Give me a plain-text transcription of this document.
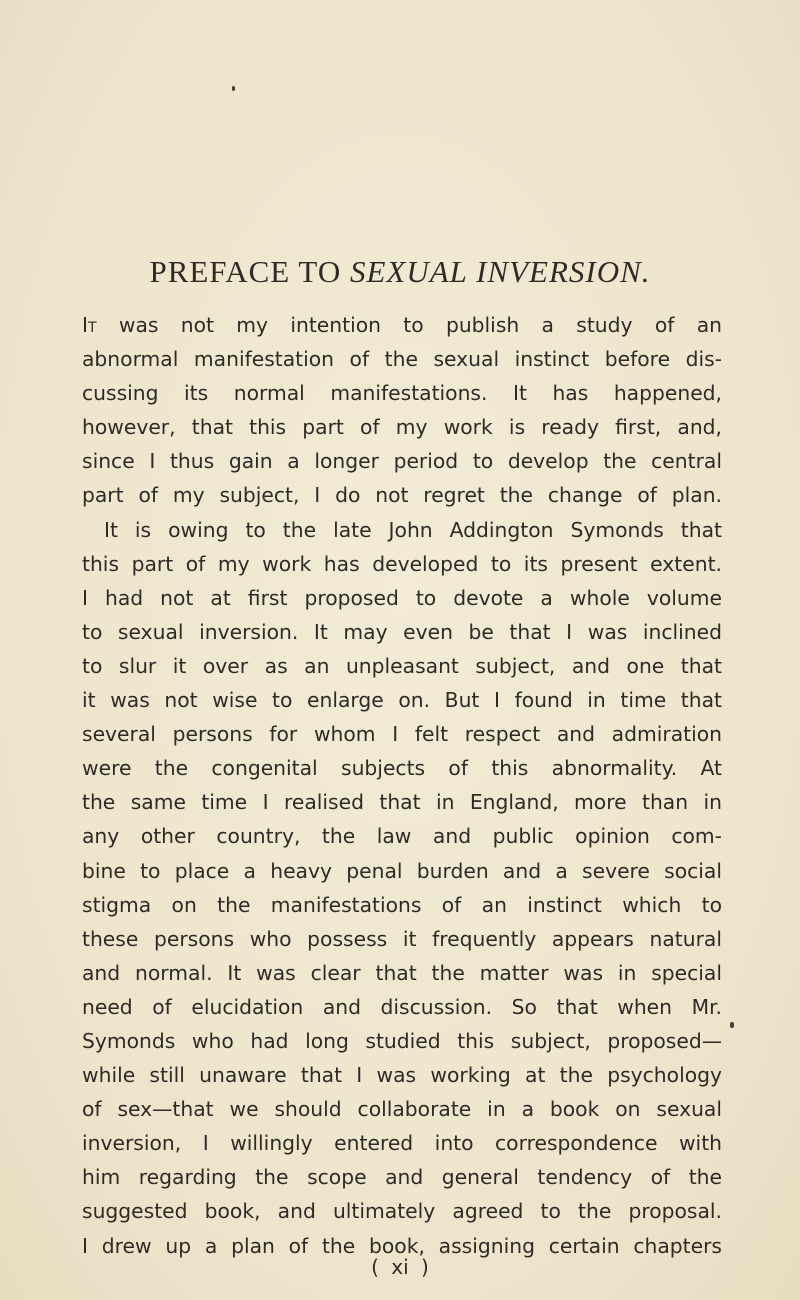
PREFACE TO SEXUAL INVERSION.
It was not my intention to publish a study of an
abnormal manifestation of the sexual instinct before dis-
cussing its normal manifestations. It has happened,
however, that this part of my work is ready first, and,
since I thus gain a longer period to develop the central
part of my subject, I do not regret the change of plan.
It is owing to the late John Addington Symonds that
this part of my work has developed to its present extent.
I had not at first proposed to devote a whole volume
to sexual inversion. It may even be that I was inclined
to slur it over as an unpleasant subject, and one that
it was not wise to enlarge on. But I found in time that
several persons for whom I felt respect and admiration
were the congenital subjects of this abnormality. At
the same time I realised that in England, more than in
any other country, the law and public opinion com-
bine to place a heavy penal burden and a severe social
stigma on the manifestations of an instinct which to
these persons who possess it frequently appears natural
and normal. It was clear that the matter was in special
need of elucidation and discussion. So that when Mr.
Symonds who had long studied this subject, proposed—
while still unaware that I was working at the psychology
of sex—that we should collaborate in a book on sexual
inversion, I willingly entered into correspondence with
him regarding the scope and general tendency of the
suggested book, and ultimately agreed to the proposal.
I drew up a plan of the book, assigning certain chapters
( xi )
